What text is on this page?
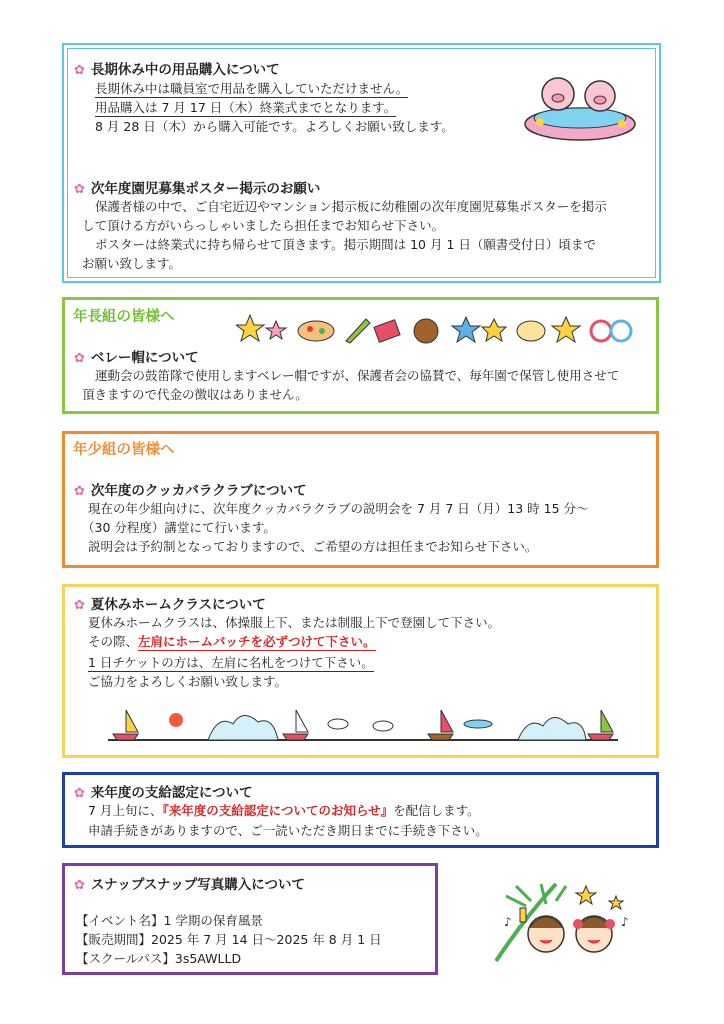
✿ 長期休み中の用品購入について
長期休み中は職員室で用品を購入していただけません。
用品購入は 7 月 17 日（木）終業式までとなります。
8 月 28 日（木）から購入可能です。よろしくお願い致します。
✿ 次年度園児募集ポスター掲示のお願い
保護者様の中で、ご自宅近辺やマンション掲示板に幼稚園の次年度園児募集ポスターを掲示
して頂ける方がいらっしゃいましたら担任までお知らせ下さい。
ポスターは終業式に持ち帰らせて頂きます。掲示期間は 10 月 1 日（願書受付日）頃まで
お願い致します。
年長組の皆様へ
✿ ベレー帽について
運動会の鼓笛隊で使用しますベレー帽ですが、保護者会の協賛で、毎年園で保管し使用させて
頂きますので代金の徴収はありません。
年少組の皆様へ
✿ 次年度のクッカバラクラブについて
現在の年少組向けに、次年度クッカバラクラブの説明会を 7 月 7 日（月）13 時 15 分～
（30 分程度）講堂にて行います。
説明会は予約制となっておりますので、ご希望の方は担任までお知らせ下さい。
✿ 夏休みホームクラスについて
夏休みホームクラスは、体操服上下、または制服上下で登園して下さい。
その際、左肩にホームバッチを必ずつけて下さい。
1 日チケットの方は、左肩に名札をつけて下さい。
ご協力をよろしくお願い致します。
✿ 来年度の支給認定について
7 月上旬に、『来年度の支給認定についてのお知らせ』を配信します。
申請手続きがありますので、ご一読いただき期日までに手続き下さい。
✿ スナップスナップ写真購入について
【イベント名】1 学期の保育風景
【販売期間】2025 年 7 月 14 日～2025 年 8 月 1 日
【スクールパス】3s5AWLLD
♪	♪
